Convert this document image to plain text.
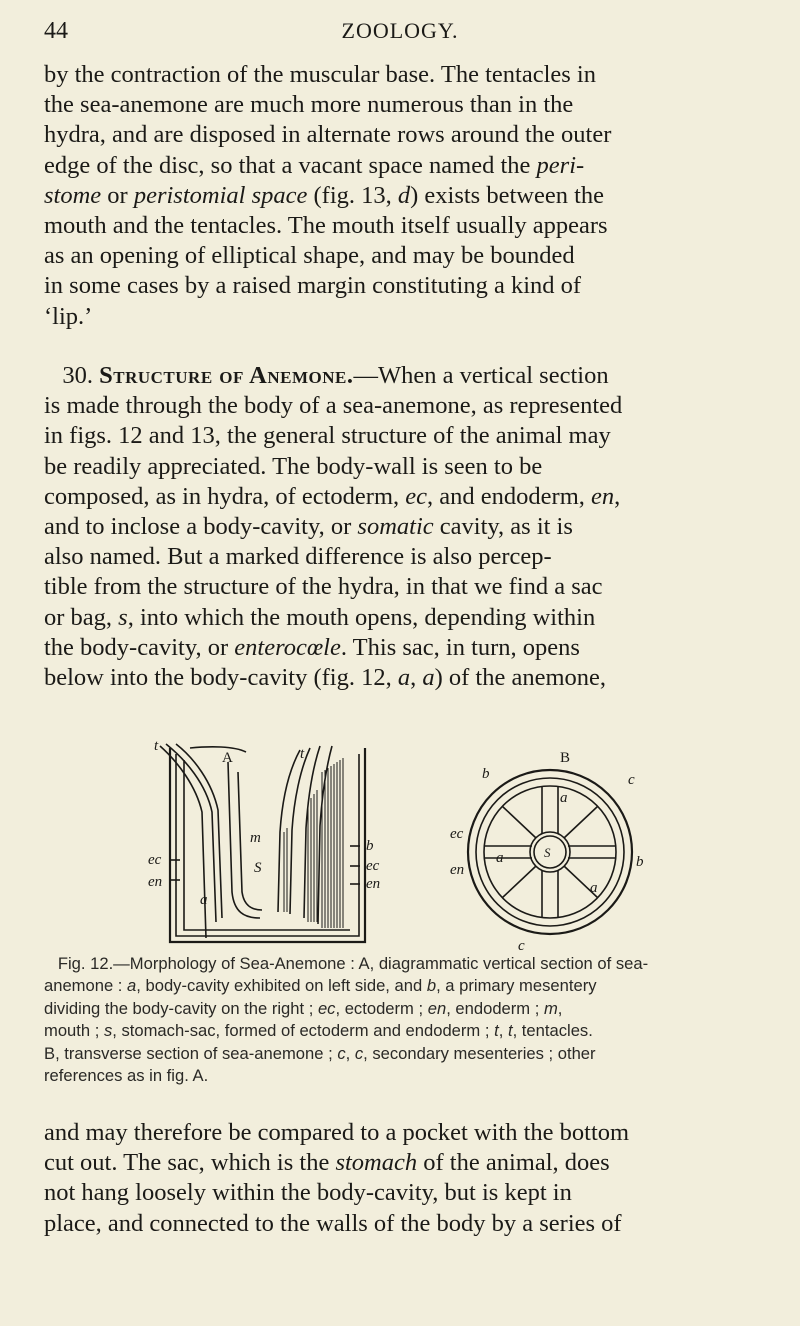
44	ZOOLOGY.

by the contraction of the muscular base. The tentacles in

the sea-anemone are much more numerous than in the

hydra, and are disposed in alternate rows around the outer

edge of the disc, so that a vacant space named the peri-

stome or peristomial space (fig. 13, d) exists between the

mouth and the tentacles. The mouth itself usually appears

as an opening of elliptical shape, and may be bounded

in some cases by a raised margin constituting a kind of

‘lip.’

30. Structure of Anemone.—When a vertical section

is made through the body of a sea-anemone, as represented

in figs. 12 and 13, the general structure of the animal may

be readily appreciated. The body-wall is seen to be

composed, as in hydra, of ectoderm, ec, and endoderm, en,

and to inclose a body-cavity, or somatic cavity, as it is

also named. But a marked difference is also percep-

tible from the structure of the hydra, in that we find a sac

or bag, s, into which the mouth opens, depending within

the body-cavity, or enterocœle. This sac, in turn, opens

below into the body-cavity (fig. 12, a, a) of the anemone,

A
t	t
m
S
a
ec
en
b
ec
en
B
b
b
c
c
ec
en
a
a
a
S
Fig. 12.—Morphology of Sea-Anemone : A, diagrammatic vertical section of sea-
anemone : a, body-cavity exhibited on left side, and b, a primary mesentery
dividing the body-cavity on the right ; ec, ectoderm ; en, endoderm ; m,
mouth ; s, stomach-sac, formed of ectoderm and endoderm ; t, t, tentacles.
B, transverse section of sea-anemone ; c, c, secondary mesenteries ; other
references as in fig. A.

and may therefore be compared to a pocket with the bottom

cut out. The sac, which is the stomach of the animal, does

not hang loosely within the body-cavity, but is kept in

place, and connected to the walls of the body by a series of
